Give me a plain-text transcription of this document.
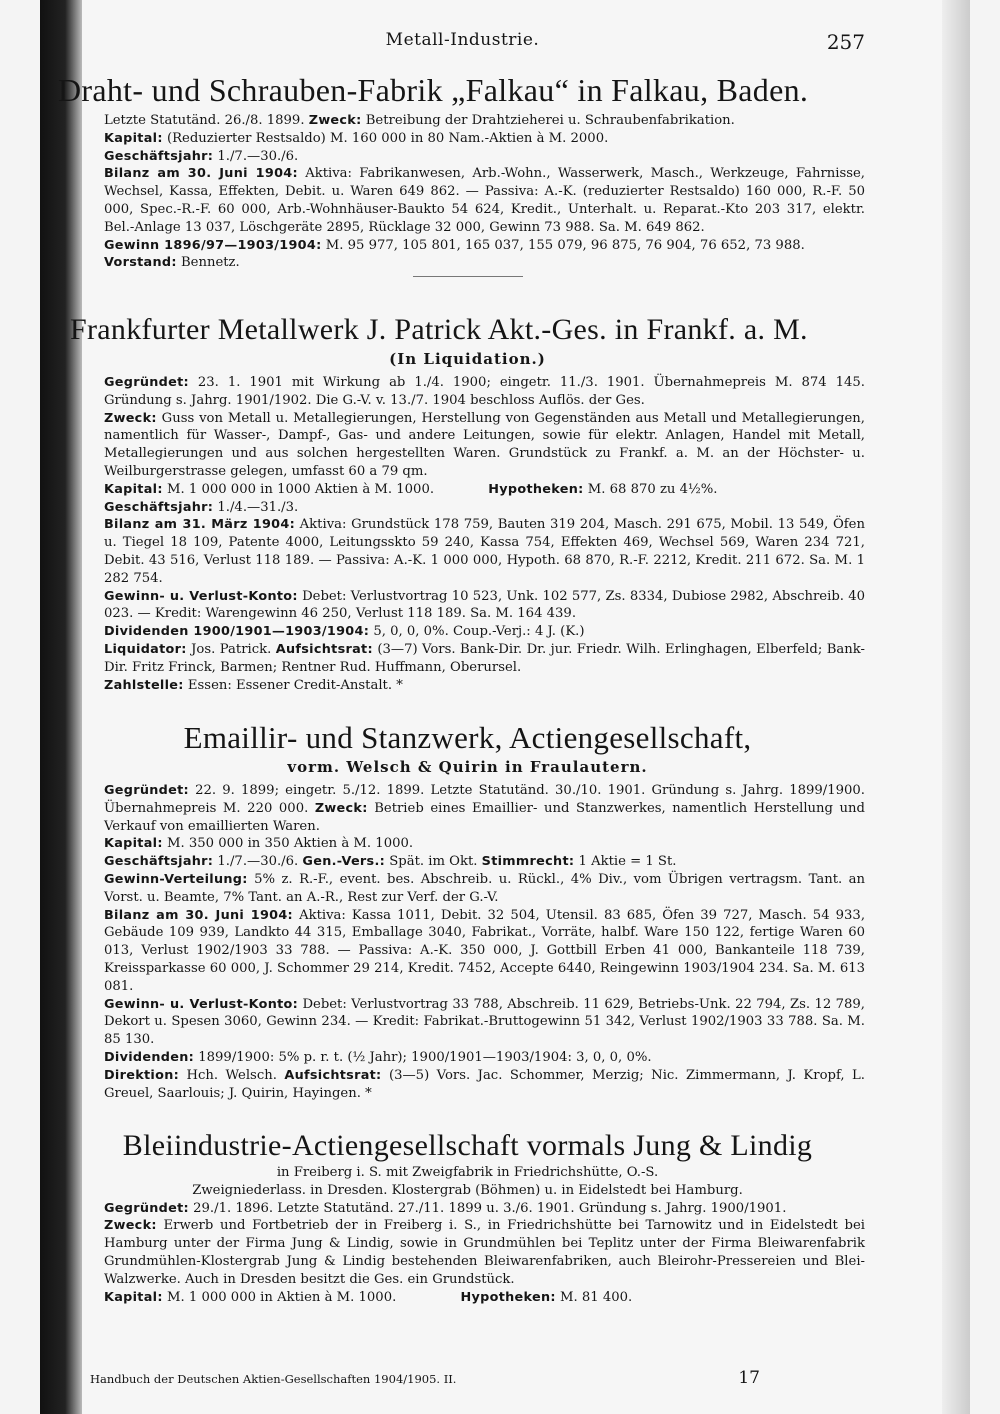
Metall-Industrie.	257
Draht- und Schrauben-Fabrik „Falkau“ in Falkau, Baden.

Letzte Statutänd. 26./8. 1899. Zweck: Betreibung der Drahtzieherei u. Schraubenfabrikation.

Kapital: (Reduzierter Restsaldo) M. 160 000 in 80 Nam.-Aktien à M. 2000.

Geschäftsjahr: 1./7.—30./6.

Bilanz am 30. Juni 1904: Aktiva: Fabrikanwesen, Arb.-Wohn., Wasserwerk, Masch., Werkzeuge, Fahrnisse, Wechsel, Kassa, Effekten, Debit. u. Waren 649 862. — Passiva: A.-K. (reduzierter Restsaldo) 160 000, R.-F. 50 000, Spec.-R.-F. 60 000, Arb.-Wohnhäuser-Baukto 54 624, Kredit., Unterhalt. u. Reparat.-Kto 203 317, elektr. Bel.-Anlage 13 037, Löschgeräte 2895, Rücklage 32 000, Gewinn 73 988. Sa. M. 649 862.

Gewinn 1896/97—1903/1904: M. 95 977, 105 801, 165 037, 155 079, 96 875, 76 904, 76 652, 73 988.

Vorstand: Bennetz.

Frankfurter Metallwerk J. Patrick Akt.-Ges. in Frankf. a. M.
(In Liquidation.)

Gegründet: 23. 1. 1901 mit Wirkung ab 1./4. 1900; eingetr. 11./3. 1901. Übernahmepreis M. 874 145. Gründung s. Jahrg. 1901/1902. Die G.-V. v. 13./7. 1904 beschloss Auflös. der Ges.

Zweck: Guss von Metall u. Metallegierungen, Herstellung von Gegenständen aus Metall und Metallegierungen, namentlich für Wasser-, Dampf-, Gas- und andere Leitungen, sowie für elektr. Anlagen, Handel mit Metall, Metallegierungen und aus solchen hergestellten Waren. Grundstück zu Frankf. a. M. an der Höchster- u. Weilburgerstrasse gelegen, umfasst 60 a 79 qm.

Kapital: M. 1 000 000 in 1000 Aktien à M. 1000.	Hypotheken: M. 68 870 zu 4½%.

Geschäftsjahr: 1./4.—31./3.

Bilanz am 31. März 1904: Aktiva: Grundstück 178 759, Bauten 319 204, Masch. 291 675, Mobil. 13 549, Öfen u. Tiegel 18 109, Patente 4000, Leitungsskto 59 240, Kassa 754, Effekten 469, Wechsel 569, Waren 234 721, Debit. 43 516, Verlust 118 189. — Passiva: A.-K. 1 000 000, Hypoth. 68 870, R.-F. 2212, Kredit. 211 672. Sa. M. 1 282 754.

Gewinn- u. Verlust-Konto: Debet: Verlustvortrag 10 523, Unk. 102 577, Zs. 8334, Dubiose 2982, Abschreib. 40 023. — Kredit: Warengewinn 46 250, Verlust 118 189. Sa. M. 164 439.

Dividenden 1900/1901—1903/1904: 5, 0, 0, 0%. Coup.-Verj.: 4 J. (K.)

Liquidator: Jos. Patrick. Aufsichtsrat: (3—7) Vors. Bank-Dir. Dr. jur. Friedr. Wilh. Erlinghagen, Elberfeld; Bank-Dir. Fritz Frinck, Barmen; Rentner Rud. Huffmann, Oberursel.

Zahlstelle: Essen: Essener Credit-Anstalt. *

Emaillir- und Stanzwerk, Actiengesellschaft,
vorm. Welsch & Quirin in Fraulautern.

Gegründet: 22. 9. 1899; eingetr. 5./12. 1899. Letzte Statutänd. 30./10. 1901. Gründung s. Jahrg. 1899/1900. Übernahmepreis M. 220 000. Zweck: Betrieb eines Emaillier- und Stanzwerkes, namentlich Herstellung und Verkauf von emaillierten Waren.

Kapital: M. 350 000 in 350 Aktien à M. 1000.

Geschäftsjahr: 1./7.—30./6. Gen.-Vers.: Spät. im Okt. Stimmrecht: 1 Aktie = 1 St.

Gewinn-Verteilung: 5% z. R.-F., event. bes. Abschreib. u. Rückl., 4% Div., vom Übrigen vertragsm. Tant. an Vorst. u. Beamte, 7% Tant. an A.-R., Rest zur Verf. der G.-V.

Bilanz am 30. Juni 1904: Aktiva: Kassa 1011, Debit. 32 504, Utensil. 83 685, Öfen 39 727, Masch. 54 933, Gebäude 109 939, Landkto 44 315, Emballage 3040, Fabrikat., Vorräte, halbf. Ware 150 122, fertige Waren 60 013, Verlust 1902/1903 33 788. — Passiva: A.-K. 350 000, J. Gottbill Erben 41 000, Bankanteile 118 739, Kreissparkasse 60 000, J. Schommer 29 214, Kredit. 7452, Accepte 6440, Reingewinn 1903/1904 234. Sa. M. 613 081.

Gewinn- u. Verlust-Konto: Debet: Verlustvortrag 33 788, Abschreib. 11 629, Betriebs-Unk. 22 794, Zs. 12 789, Dekort u. Spesen 3060, Gewinn 234. — Kredit: Fabrikat.-Bruttogewinn 51 342, Verlust 1902/1903 33 788. Sa. M. 85 130.

Dividenden: 1899/1900: 5% p. r. t. (½ Jahr); 1900/1901—1903/1904: 3, 0, 0, 0%.

Direktion: Hch. Welsch. Aufsichtsrat: (3—5) Vors. Jac. Schommer, Merzig; Nic. Zimmermann, J. Kropf, L. Greuel, Saarlouis; J. Quirin, Hayingen. *

Bleiindustrie-Actiengesellschaft vormals Jung & Lindig

in Freiberg i. S. mit Zweigfabrik in Friedrichshütte, O.-S.

Zweigniederlass. in Dresden. Klostergrab (Böhmen) u. in Eidelstedt bei Hamburg.

Gegründet: 29./1. 1896. Letzte Statutänd. 27./11. 1899 u. 3./6. 1901. Gründung s. Jahrg. 1900/1901.

Zweck: Erwerb und Fortbetrieb der in Freiberg i. S., in Friedrichshütte bei Tarnowitz und in Eidelstedt bei Hamburg unter der Firma Jung & Lindig, sowie in Grundmühlen bei Teplitz unter der Firma Bleiwarenfabrik Grundmühlen-Klostergrab Jung & Lindig bestehenden Bleiwarenfabriken, auch Bleirohr-Pressereien und Blei-Walzwerke. Auch in Dresden besitzt die Ges. ein Grundstück.

Kapital: M. 1 000 000 in Aktien à M. 1000.	Hypotheken: M. 81 400.

Handbuch der Deutschen Aktien-Gesellschaften 1904/1905. II.	17
